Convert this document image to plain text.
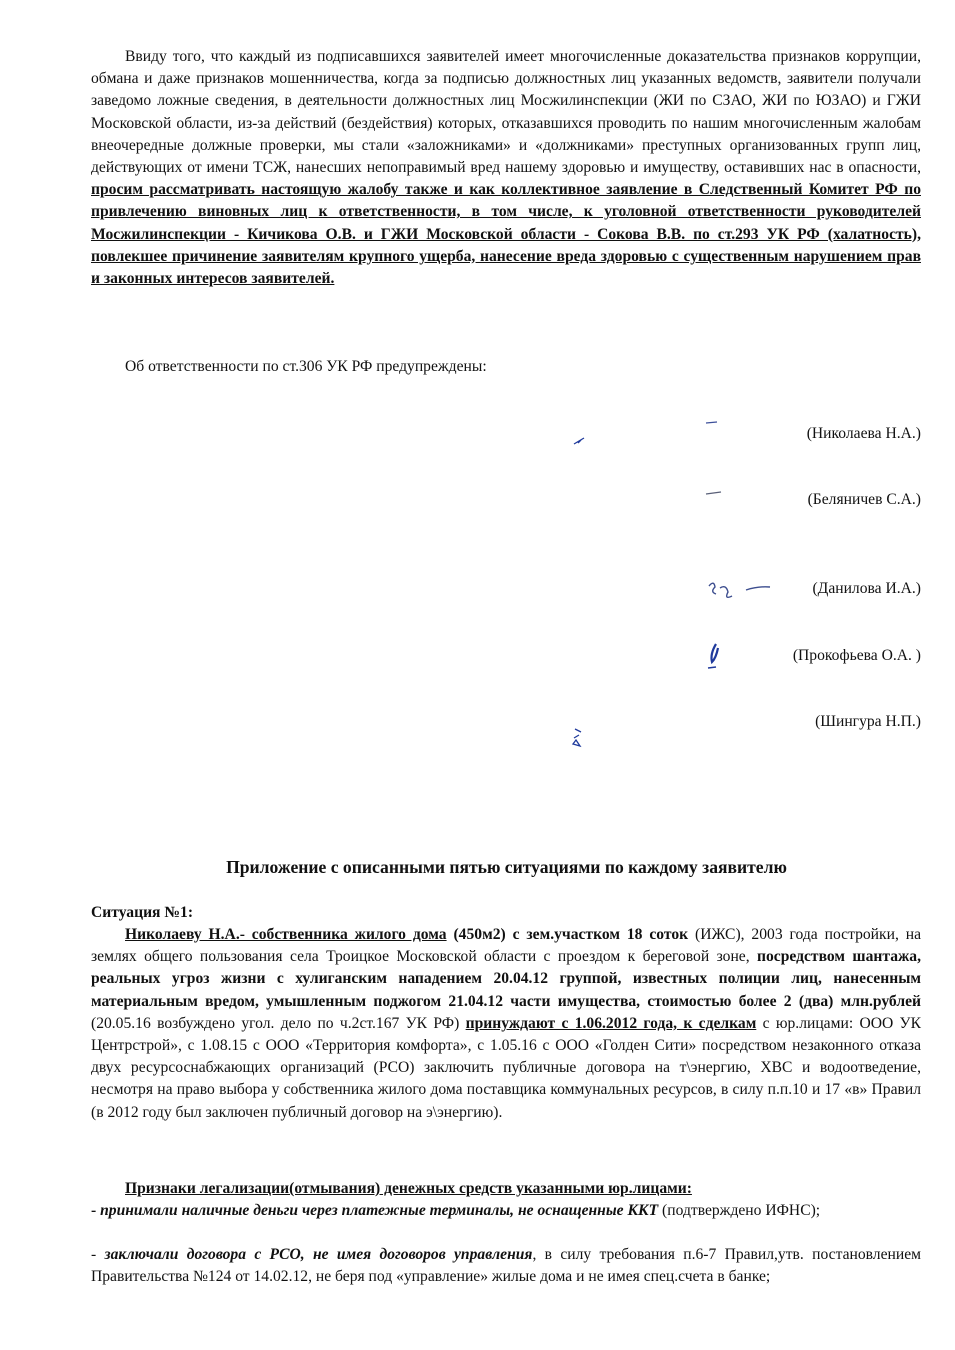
Ввиду того, что каждый из подписавшихся заявителей имеет многочисленные доказательства признаков коррупции, обмана и даже признаков мошенничества, когда за подписью должностных лиц указанных ведомств, заявители получали заведомо ложные сведения, в деятельности должностных лиц Мосжилинспекции (ЖИ по СЗАО, ЖИ по ЮЗАО) и ГЖИ Московской области, из-за действий (бездействия) которых, отказавшихся проводить по нашим многочисленным жалобам внеочередные должные проверки, мы стали «заложниками» и «должниками» преступных организованных групп лиц, действующих от имени ТСЖ, нанесших непоправимый вред нашему здоровью и имуществу, оставивших нас в опасности, просим рассматривать настоящую жалобу также и как коллективное заявление в Следственный Комитет РФ по привлечению виновных лиц к ответственности, в том числе, к уголовной ответственности руководителей Мосжилинспекции - Кичикова О.В. и ГЖИ Московской области - Сокова В.В. по ст.293 УК РФ (халатность), повлекшее причинение заявителям крупного ущерба, нанесение вреда здоровью с существенным нарушением прав и законных интересов заявителей.

Об ответственности по ст.306 УК РФ предупреждены:

(Николаева Н.А.)
(Беляничев С.А.)
(Данилова И.А.)
(Прокофьева О.А. )
(Шингура Н.П.)
Приложение с описанными пятью ситуациями по каждому заявителю
Ситуация №1:

Николаеву Н.А.- собственника жилого дома (450м2) с зем.участком 18 соток (ИЖС), 2003 года постройки, на землях общего пользования села Троицкое Московской области с проездом к береговой зоне, посредством шантажа, реальных угроз жизни с хулиганским нападением 20.04.12 группой, известных полиции лиц, нанесенным материальным вредом, умышленным поджогом 21.04.12 части имущества, стоимостью более 2 (два) млн.рублей (20.05.16 возбуждено угол. дело по ч.2ст.167 УК РФ) принуждают с 1.06.2012 года, к сделкам с юр.лицами: ООО УК Центрстрой», с 1.08.15 с ООО «Территория комфорта», с 1.05.16 с ООО «Голден Сити» посредством незаконного отказа двух ресурсоснабжающих организаций (РСО) заключить публичные договора на т\энергию, ХВС и водоотведение, несмотря на право выбора у собственника жилого дома поставщика коммунальных ресурсов, в силу п.п.10 и 17 «в» Правил (в 2012 году был заключен публичный договор на э\энергию).

Признаки легализации(отмывания) денежных средств указанными юр.лицами:

- принимали наличные деньги через платежные терминалы, не оснащенные ККТ (подтверждено ИФНС);

- заключали договора с РСО, не имея договоров управления, в силу требования п.6-7 Правил,утв. постановлением Правительства №124 от 14.02.12, не беря под «управление» жилые дома и не имея спец.счета в банке;
